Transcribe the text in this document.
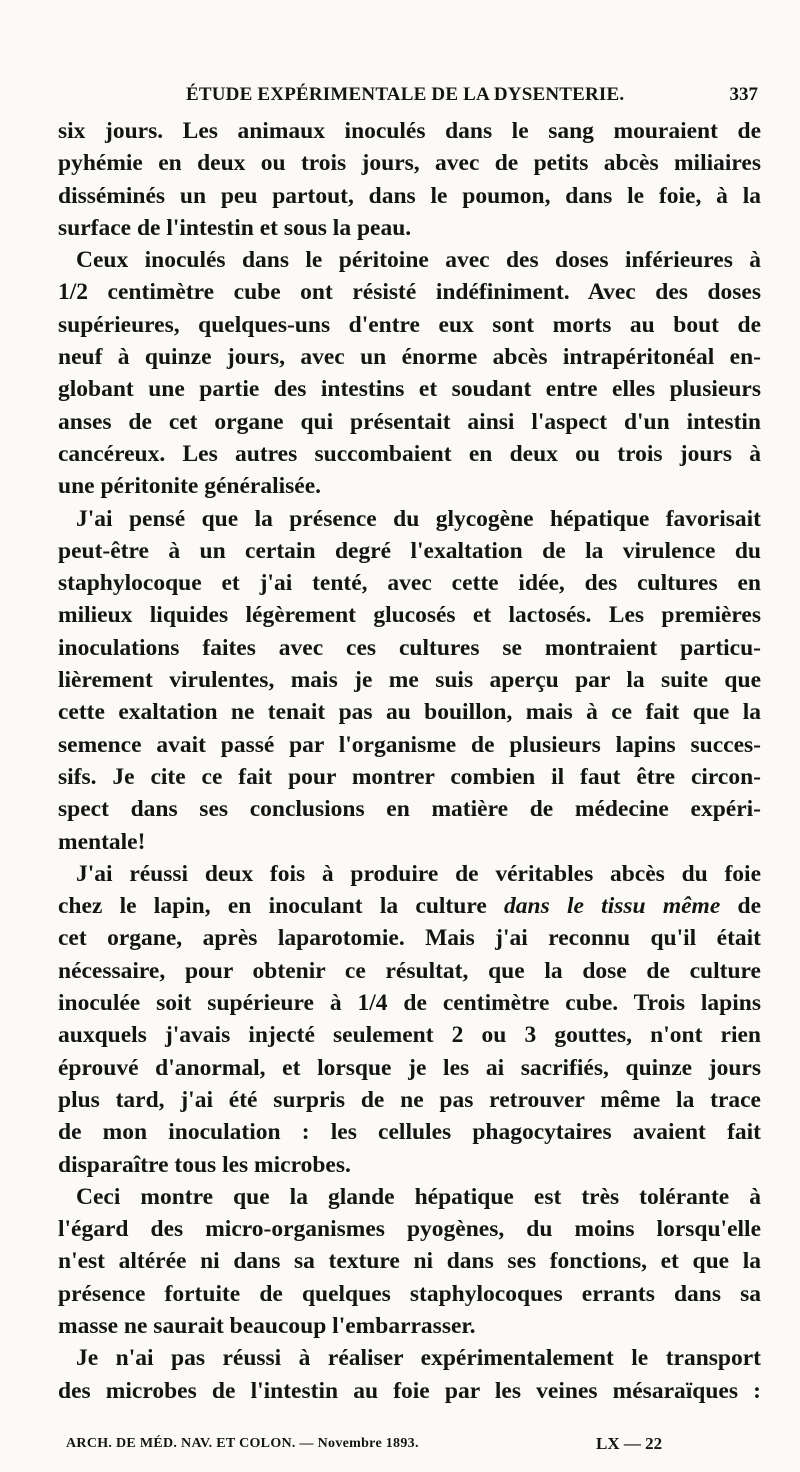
ÉTUDE EXPÉRIMENTALE DE LA DYSENTERIE.	337

six jours. Les animaux inoculés dans le sang mouraient de

pyhémie en deux ou trois jours, avec de petits abcès miliaires

disséminés un peu partout, dans le poumon, dans le foie, à la

surface de l'intestin et sous la peau.

Ceux inoculés dans le péritoine avec des doses inférieures à

1/2 centimètre cube ont résisté indéfiniment. Avec des doses

supérieures, quelques-uns d'entre eux sont morts au bout de

neuf à quinze jours, avec un énorme abcès intrapéritonéal en-

globant une partie des intestins et soudant entre elles plusieurs

anses de cet organe qui présentait ainsi l'aspect d'un intestin

cancéreux. Les autres succombaient en deux ou trois jours à

une péritonite généralisée.

J'ai pensé que la présence du glycogène hépatique favorisait

peut-être à un certain degré l'exaltation de la virulence du

staphylocoque et j'ai tenté, avec cette idée, des cultures en

milieux liquides légèrement glucosés et lactosés. Les premières

inoculations faites avec ces cultures se montraient particu-

lièrement virulentes, mais je me suis aperçu par la suite que

cette exaltation ne tenait pas au bouillon, mais à ce fait que la

semence avait passé par l'organisme de plusieurs lapins succes-

sifs. Je cite ce fait pour montrer combien il faut être circon-

spect dans ses conclusions en matière de médecine expéri-

mentale!

J'ai réussi deux fois à produire de véritables abcès du foie

chez le lapin, en inoculant la culture dans le tissu même de

cet organe, après laparotomie. Mais j'ai reconnu qu'il était

nécessaire, pour obtenir ce résultat, que la dose de culture

inoculée soit supérieure à 1/4 de centimètre cube. Trois lapins

auxquels j'avais injecté seulement 2 ou 3 gouttes, n'ont rien

éprouvé d'anormal, et lorsque je les ai sacrifiés, quinze jours

plus tard, j'ai été surpris de ne pas retrouver même la trace

de mon inoculation : les cellules phagocytaires avaient fait

disparaître tous les microbes.

Ceci montre que la glande hépatique est très tolérante à

l'égard des micro-organismes pyogènes, du moins lorsqu'elle

n'est altérée ni dans sa texture ni dans ses fonctions, et que la

présence fortuite de quelques staphylocoques errants dans sa

masse ne saurait beaucoup l'embarrasser.

Je n'ai pas réussi à réaliser expérimentalement le transport

des microbes de l'intestin au foie par les veines mésaraïques :

ARCH. DE MÉD. NAV. ET COLON. — Novembre 1893.	LX — 22
